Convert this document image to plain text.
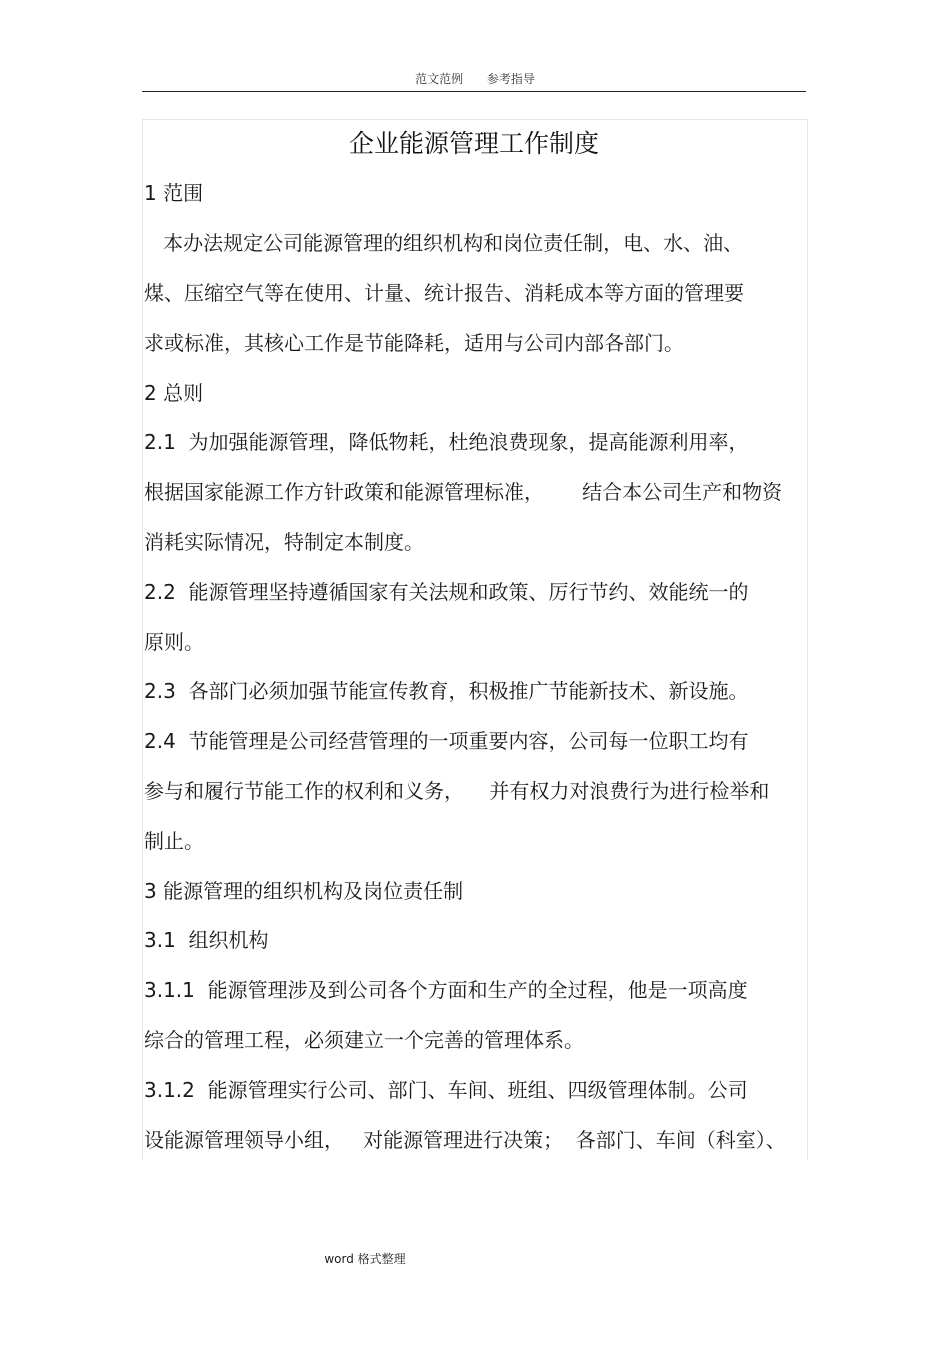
范文范例 参考指导
企业能源管理工作制度
1 范围
本办法规定公司能源管理的组织机构和岗位责任制，电、水、油、
煤、压缩空气等在使用、计量、统计报告、消耗成本等方面的管理要
求或标准，其核心工作是节能降耗，适用与公司内部各部门。
2 总则
2.1  为加强能源管理，降低物耗，杜绝浪费现象，提高能源利用率，
根据国家能源工作方针政策和能源管理标准，      结合本公司生产和物资
消耗实际情况，特制定本制度。
2.2  能源管理坚持遵循国家有关法规和政策、厉行节约、效能统一的
原则。
2.3  各部门必须加强节能宣传教育，积极推广节能新技术、新设施。
2.4  节能管理是公司经营管理的一项重要内容，公司每一位职工均有
参与和履行节能工作的权利和义务，    并有权力对浪费行为进行检举和
制止。
3 能源管理的组织机构及岗位责任制
3.1  组织机构
3.1.1  能源管理涉及到公司各个方面和生产的全过程，他是一项高度
综合的管理工程，必须建立一个完善的管理体系。
3.1.2  能源管理实行公司、部门、车间、班组、四级管理体制。公司
设能源管理领导小组，   对能源管理进行决策；  各部门、车间（科室）、
word 格式整理
